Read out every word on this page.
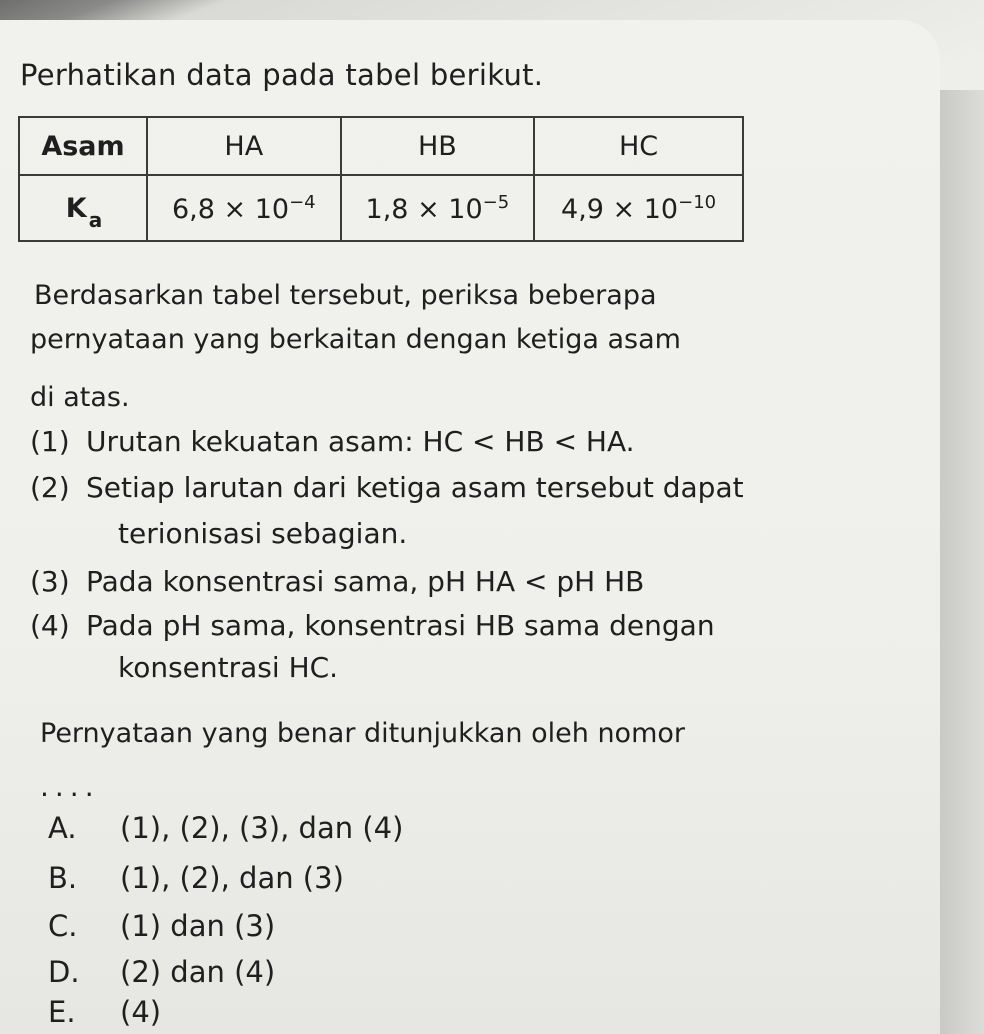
Perhatikan data pada tabel berikut.
Asam	HA	HB	HC
K $_a$	$6,8 \times 10^{-4}$	$1,8 \times 10^{-5}$	$4,9 \times 10^{-10}$
Berdasarkan tabel tersebut, periksa beberapa
pernyataan yang berkaitan dengan ketiga asam
di atas.
(1) Urutan kekuatan asam: HC < HB < HA.
(2) Setiap larutan dari ketiga asam tersebut dapat
terionisasi sebagian.
(3) Pada konsentrasi sama, pH HA < pH HB
(4) Pada pH sama, konsentrasi HB sama dengan
konsentrasi HC.
Pernyataan yang benar ditunjukkan oleh nomor
....
A. (1), (2), (3), dan (4)
B. (1), (2), dan (3)
C. (1) dan (3)
D. (2) dan (4)
E. (4)
